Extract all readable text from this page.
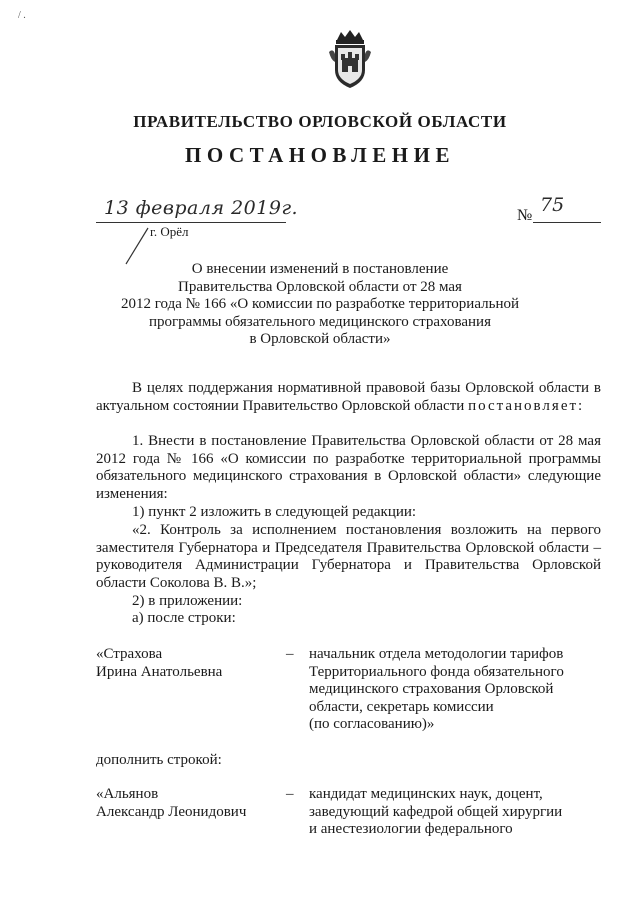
/ .
ПРАВИТЕЛЬСТВО ОРЛОВСКОЙ ОБЛАСТИ
ПОСТАНОВЛЕНИЕ
13 февраля 2019г.
г. Орёл
№ 75
О внесении изменений в постановление
Правительства Орловской области от 28 мая
2012 года № 166 «О комиссии по разработке территориальной
программы обязательного медицинского страхования
в Орловской области»
В целях поддержания нормативной правовой базы Орловской области в актуальном состоянии Правительство Орловской области постановляет:
1. Внести в постановление Правительства Орловской области от 28 мая 2012 года № 166 «О комиссии по разработке территориальной программы обязательного медицинского страхования в Орловской области» следующие изменения:
1) пункт 2 изложить в следующей редакции:
«2. Контроль за исполнением постановления возложить на первого заместителя Губернатора и Председателя Правительства Орловской области – руководителя Администрации Губернатора и Правительства Орловской области Соколова В. В.»;
2) в приложении:
а) после строки:
«Страхова
Ирина Анатольевна
– начальник отдела методологии тарифов
Территориального фонда обязательного
медицинского страхования Орловской
области, секретарь комиссии
(по согласованию)»
дополнить строкой:
«Альянов
Александр Леонидович
– кандидат медицинских наук, доцент,
заведующий кафедрой общей хирургии
и анестезиологии федерального
